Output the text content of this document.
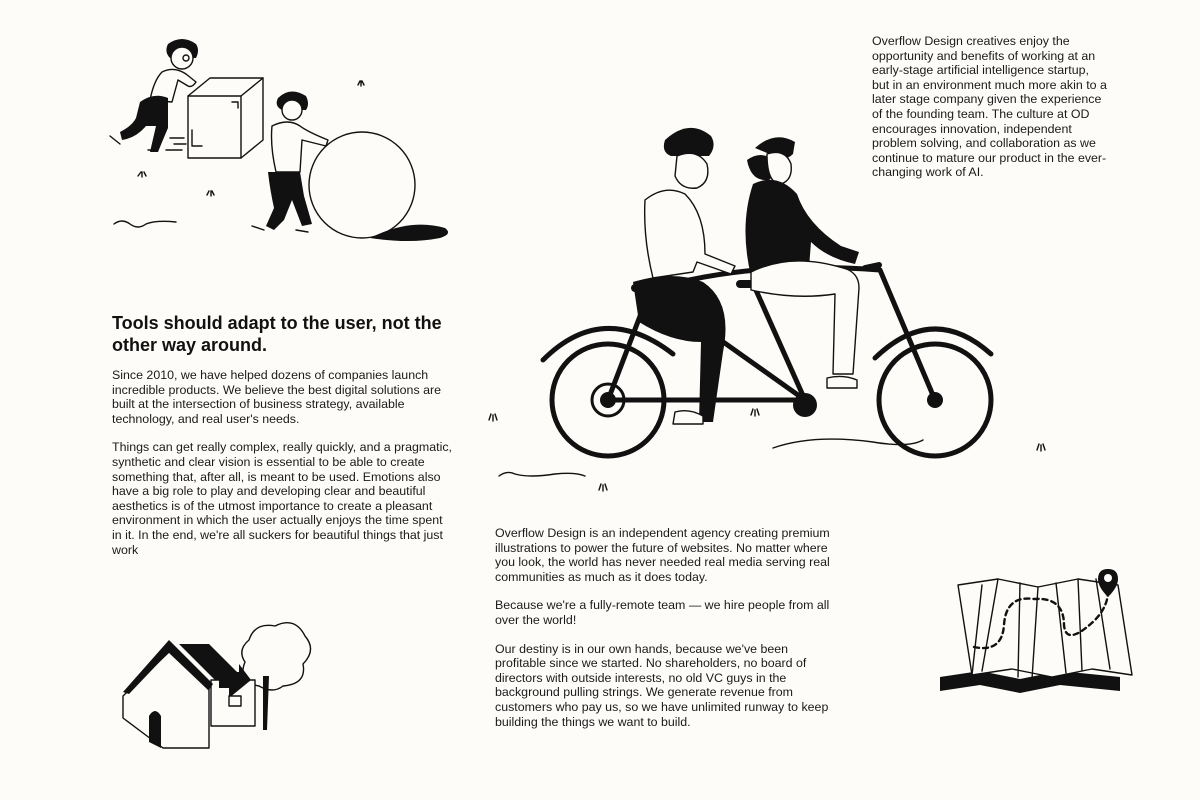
Overflow Design creatives enjoy the opportunity and benefits of working at an early-stage artificial intelligence startup, but in an environment much more akin to a later stage company given the experience of the founding team. The culture at OD encourages innovation, independent problem solving, and collaboration as we continue to mature our product in the ever-changing work of AI.

Tools should adapt to the user, not the other way around.

Since 2010, we have helped dozens of companies launch incredible products. We believe the best digital solutions are built at the intersection of business strategy, available technology, and real user's needs.

Things can get really complex, really quickly, and a pragmatic, synthetic and clear vision is essential to be able to create something that, after all, is meant to be used. Emotions also have a big role to play and developing clear and beautiful aesthetics is of the utmost importance to create a pleasant environment in which the user actually enjoys the time spent in it. In the end, we're all suckers for beautiful things that just work

Overflow Design is an independent agency creating premium illustrations to power the future of websites. No matter where you look, the world has never needed real media serving real communities as much as it does today.

Because we're a fully-remote team — we hire people from all over the world!

Our destiny is in our own hands, because we've been profitable since we started. No shareholders, no board of directors with outside interests, no old VC guys in the background pulling strings. We generate revenue from customers who pay us, so we have unlimited runway to keep building the things we want to build.
